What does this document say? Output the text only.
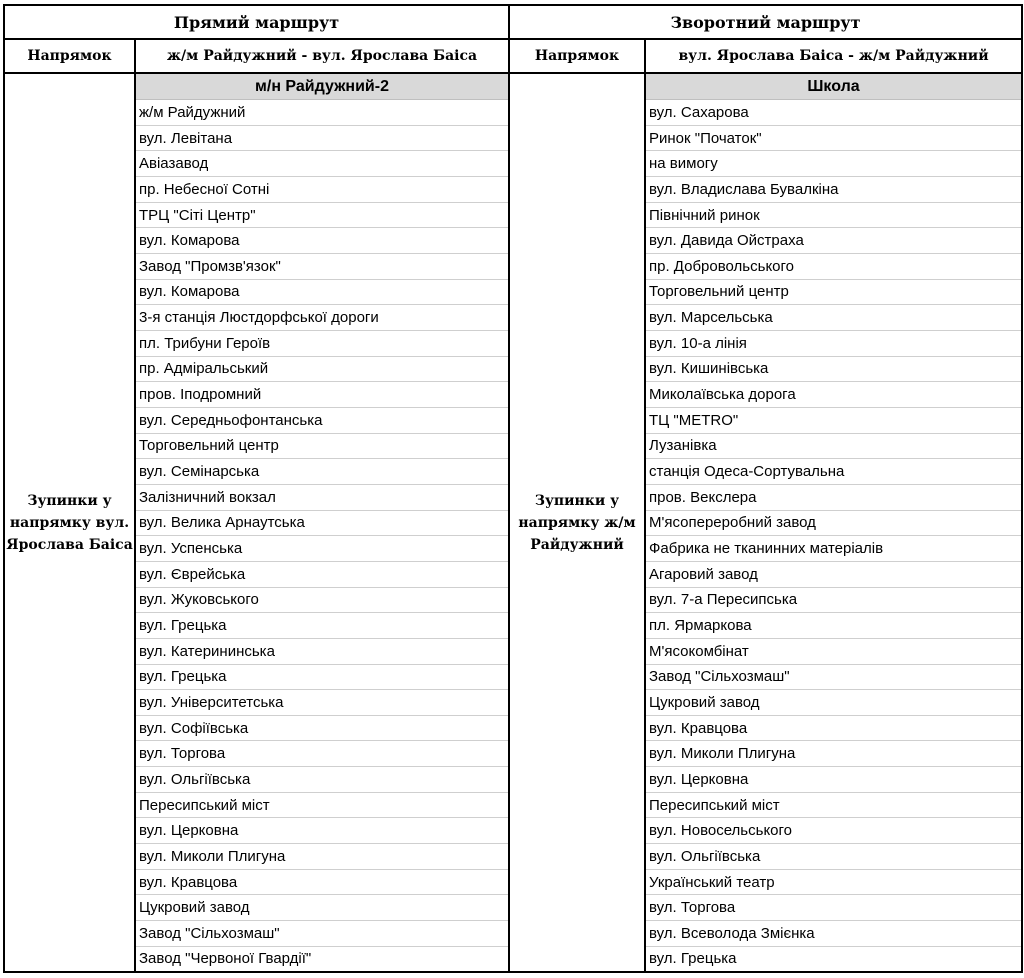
Прямий маршрут		Зворотний маршрут	
Напрямок	ж/м Райдужний - вул. Ярослава Баіса	Напрямок	вул. Ярослава Баіса - ж/м Райдужний
Зупинки у напрямку вул. Ярослава Баіса	м/н Райдужний-2	Зупинки у напрямку ж/м Райдужний	Школа
	ж/м Райдужний		вул. Сахарова
	вул. Левітана		Ринок "Початок"
	Авіазавод		на вимогу
	пр. Небесної Сотні		вул. Владислава Бувалкіна
	ТРЦ "Сіті Центр"		Північний ринок
	вул. Комарова		вул. Давида Ойстраха
	Завод "Промзв'язок"		пр. Добровольського
	вул. Комарова		Торговельний центр
	3-я станція Люстдорфської дороги		вул. Марсельська
	пл. Трибуни Героїв		вул. 10-а лінія
	пр. Адміральський		вул. Кишинівська
	пров. Іподромний		Миколаївська дорога
	вул. Середньофонтанська		ТЦ "METRO"
	Торговельний центр		Лузанівка
	вул. Семінарська		станція Одеса-Сортувальна
	Залізничний вокзал		пров. Векслера
	вул. Велика Арнаутська		М'ясопереробний завод
	вул. Успенська		Фабрика не тканинних матеріалів
	вул. Єврейська		Агаровий завод
	вул. Жуковського		вул. 7-а Пересипська
	вул. Грецька		пл. Ярмаркова
	вул. Катерининська		М'ясокомбінат
	вул. Грецька		Завод "Сільхозмаш"
	вул. Університетська		Цукровий завод
	вул. Софіївська		вул. Кравцова
	вул. Торгова		вул. Миколи Плигуна
	вул. Ольгіївська		вул. Церковна
	Пересипський міст		Пересипський міст
	вул. Церковна		вул. Новосельського
	вул. Миколи Плигуна		вул. Ольгіївська
	вул. Кравцова		Український театр
	Цукровий завод		вул. Торгова
	Завод "Сільхозмаш"		вул. Всеволода Змієнка
	Завод "Червоної Гвардії"		вул. Грецька
